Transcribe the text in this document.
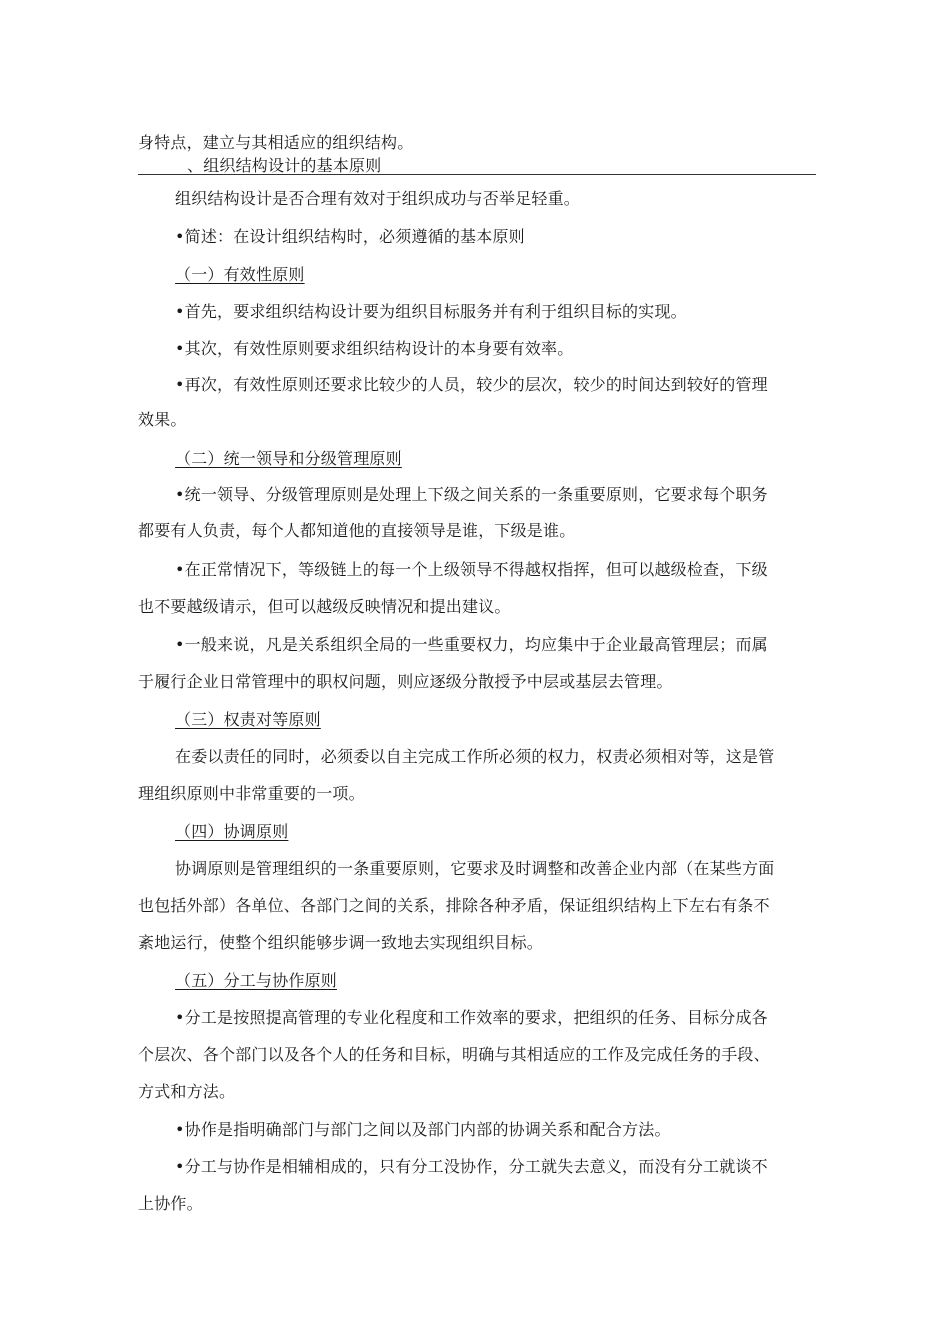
身特点，建立与其相适应的组织结构。
、组织结构设计的基本原则
组织结构设计是否合理有效对于组织成功与否举足轻重。
•简述：在设计组织结构时，必须遵循的基本原则
（一）有效性原则
•首先，要求组织结构设计要为组织目标服务并有利于组织目标的实现。
•其次，有效性原则要求组织结构设计的本身要有效率。
•再次，有效性原则还要求比较少的人员，较少的层次，较少的时间达到较好的管理
效果。
（二）统一领导和分级管理原则
•统一领导、分级管理原则是处理上下级之间关系的一条重要原则，它要求每个职务
都要有人负责，每个人都知道他的直接领导是谁，下级是谁。
•在正常情况下，等级链上的每一个上级领导不得越权指挥，但可以越级检查，下级
也不要越级请示，但可以越级反映情况和提出建议。
•一般来说，凡是关系组织全局的一些重要权力，均应集中于企业最高管理层；而属
于履行企业日常管理中的职权问题，则应逐级分散授予中层或基层去管理。
（三）权责对等原则
在委以责任的同时，必须委以自主完成工作所必须的权力，权责必须相对等，这是管
理组织原则中非常重要的一项。
（四）协调原则
协调原则是管理组织的一条重要原则，它要求及时调整和改善企业内部（在某些方面
也包括外部）各单位、各部门之间的关系，排除各种矛盾，保证组织结构上下左右有条不
紊地运行，使整个组织能够步调一致地去实现组织目标。
（五）分工与协作原则
•分工是按照提高管理的专业化程度和工作效率的要求，把组织的任务、目标分成各
个层次、各个部门以及各个人的任务和目标，明确与其相适应的工作及完成任务的手段、
方式和方法。
•协作是指明确部门与部门之间以及部门内部的协调关系和配合方法。
•分工与协作是相辅相成的，只有分工没协作，分工就失去意义，而没有分工就谈不
上协作。
